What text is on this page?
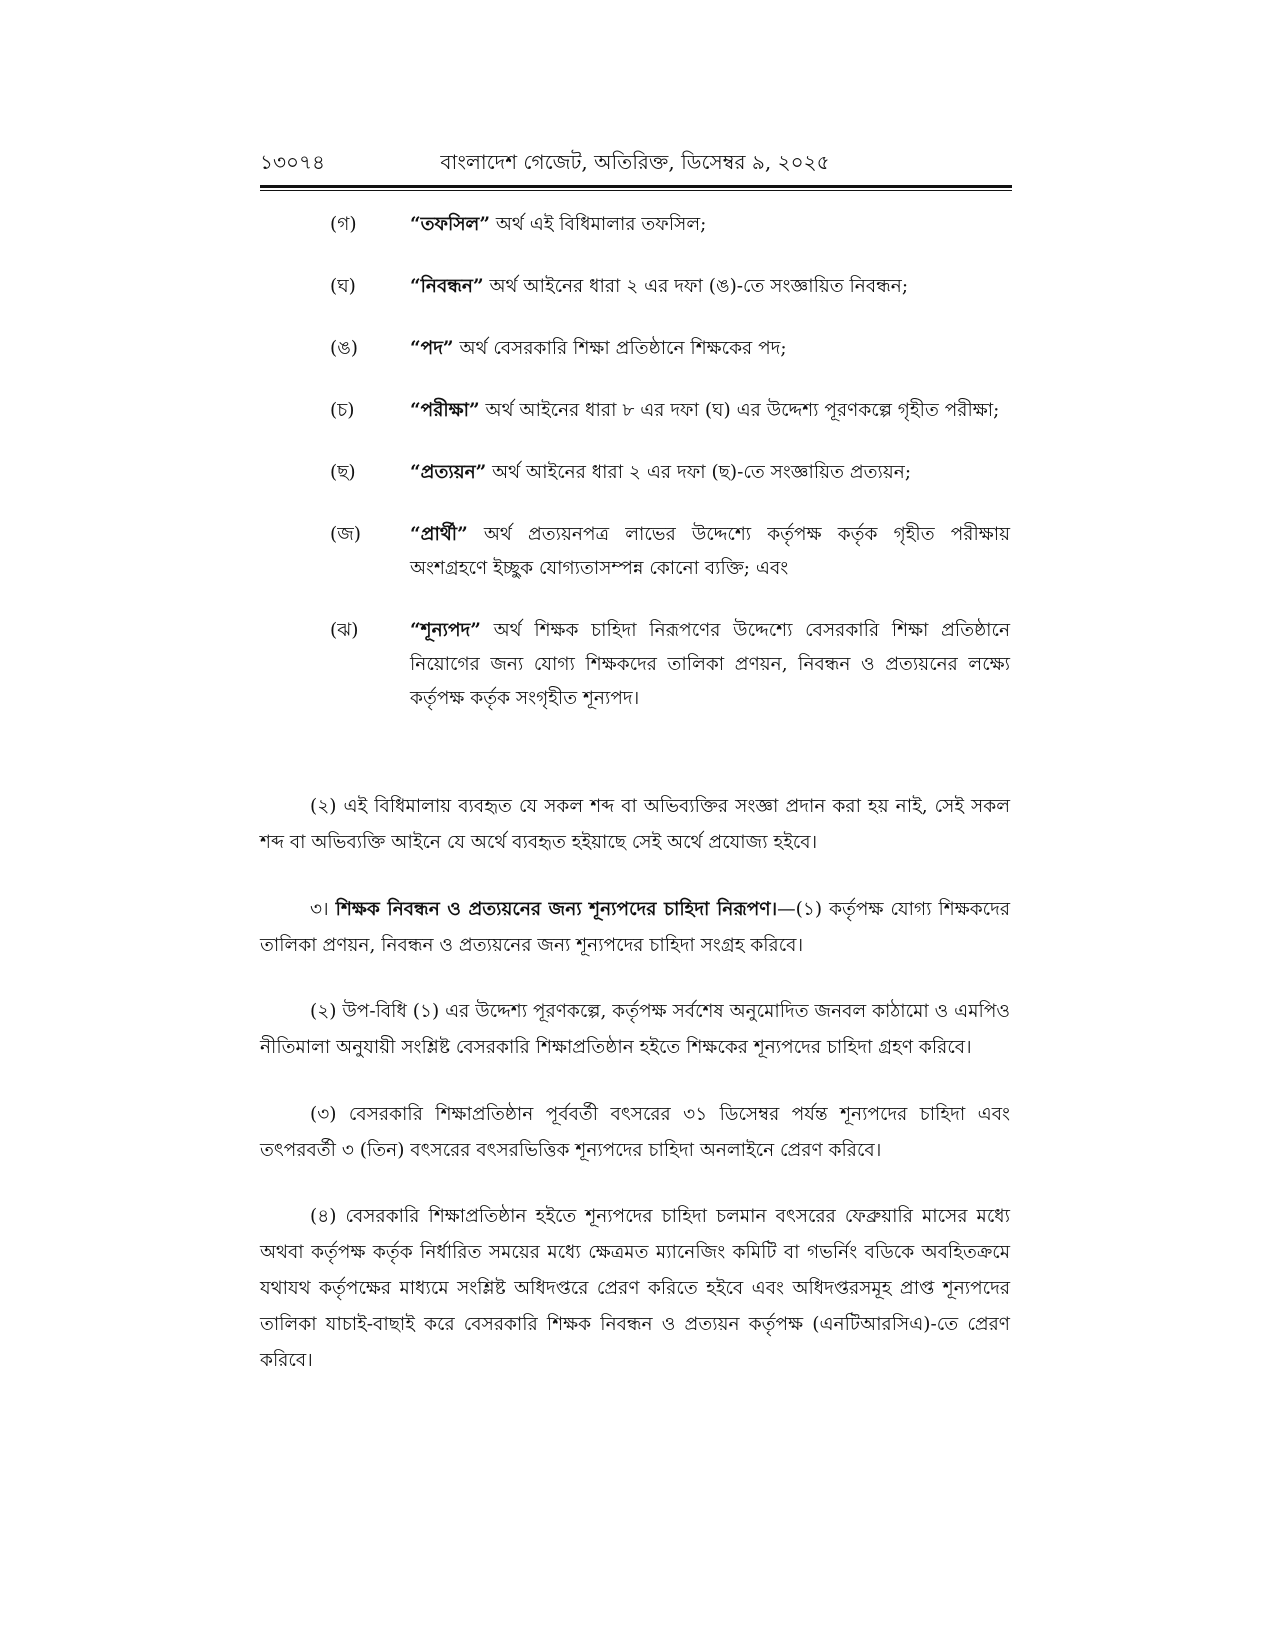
১৩০৭৪	বাংলাদেশ গেজেট, অতিরিক্ত, ডিসেম্বর ৯, ২০২৫
(গ)	“তফসিল” অর্থ এই বিধিমালার তফসিল;
(ঘ)	“নিবন্ধন” অর্থ আইনের ধারা ২ এর দফা (ঙ)-তে সংজ্ঞায়িত নিবন্ধন;
(ঙ)	“পদ” অর্থ বেসরকারি শিক্ষা প্রতিষ্ঠানে শিক্ষকের পদ;
(চ)	“পরীক্ষা” অর্থ আইনের ধারা ৮ এর দফা (ঘ) এর উদ্দেশ্য পূরণকল্পে গৃহীত পরীক্ষা;
(ছ)	“প্রত্যয়ন” অর্থ আইনের ধারা ২ এর দফা (ছ)-তে সংজ্ঞায়িত প্রত্যয়ন;
(জ)	“প্রার্থী” অর্থ প্রত্যয়নপত্র লাভের উদ্দেশ্যে কর্তৃপক্ষ কর্তৃক গৃহীত পরীক্ষায় অংশগ্রহণে ইচ্ছুক যোগ্যতাসম্পন্ন কোনো ব্যক্তি; এবং
(ঝ)	“শূন্যপদ” অর্থ শিক্ষক চাহিদা নিরূপণের উদ্দেশ্যে বেসরকারি শিক্ষা প্রতিষ্ঠানে নিয়োগের জন্য যোগ্য শিক্ষকদের তালিকা প্রণয়ন, নিবন্ধন ও প্রত্যয়নের লক্ষ্যে কর্তৃপক্ষ কর্তৃক সংগৃহীত শূন্যপদ।

(২) এই বিধিমালায় ব্যবহৃত যে সকল শব্দ বা অভিব্যক্তির সংজ্ঞা প্রদান করা হয় নাই, সেই সকল শব্দ বা অভিব্যক্তি আইনে যে অর্থে ব্যবহৃত হইয়াছে সেই অর্থে প্রযোজ্য হইবে।

৩। শিক্ষক নিবন্ধন ও প্রত্যয়নের জন্য শূন্যপদের চাহিদা নিরূপণ।—(১) কর্তৃপক্ষ যোগ্য শিক্ষকদের তালিকা প্রণয়ন, নিবন্ধন ও প্রত্যয়নের জন্য শূন্যপদের চাহিদা সংগ্রহ করিবে।

(২) উপ-বিধি (১) এর উদ্দেশ্য পূরণকল্পে, কর্তৃপক্ষ সর্বশেষ অনুমোদিত জনবল কাঠামো ও এমপিও নীতিমালা অনুযায়ী সংশ্লিষ্ট বেসরকারি শিক্ষাপ্রতিষ্ঠান হইতে শিক্ষকের শূন্যপদের চাহিদা গ্রহণ করিবে।

(৩) বেসরকারি শিক্ষাপ্রতিষ্ঠান পূর্ববর্তী বৎসরের ৩১ ডিসেম্বর পর্যন্ত শূন্যপদের চাহিদা এবং তৎপরবর্তী ৩ (তিন) বৎসরের বৎসরভিত্তিক শূন্যপদের চাহিদা অনলাইনে প্রেরণ করিবে।

(৪) বেসরকারি শিক্ষাপ্রতিষ্ঠান হইতে শূন্যপদের চাহিদা চলমান বৎসরের ফেব্রুয়ারি মাসের মধ্যে অথবা কর্তৃপক্ষ কর্তৃক নির্ধারিত সময়ের মধ্যে ক্ষেত্রমত ম্যানেজিং কমিটি বা গভর্নিং বডিকে অবহিতক্রমে যথাযথ কর্তৃপক্ষের মাধ্যমে সংশ্লিষ্ট অধিদপ্তরে প্রেরণ করিতে হইবে এবং অধিদপ্তরসমূহ প্রাপ্ত শূন্যপদের তালিকা যাচাই-বাছাই করে বেসরকারি শিক্ষক নিবন্ধন ও প্রত্যয়ন কর্তৃপক্ষ (এনটিআরসিএ)-তে প্রেরণ করিবে।
